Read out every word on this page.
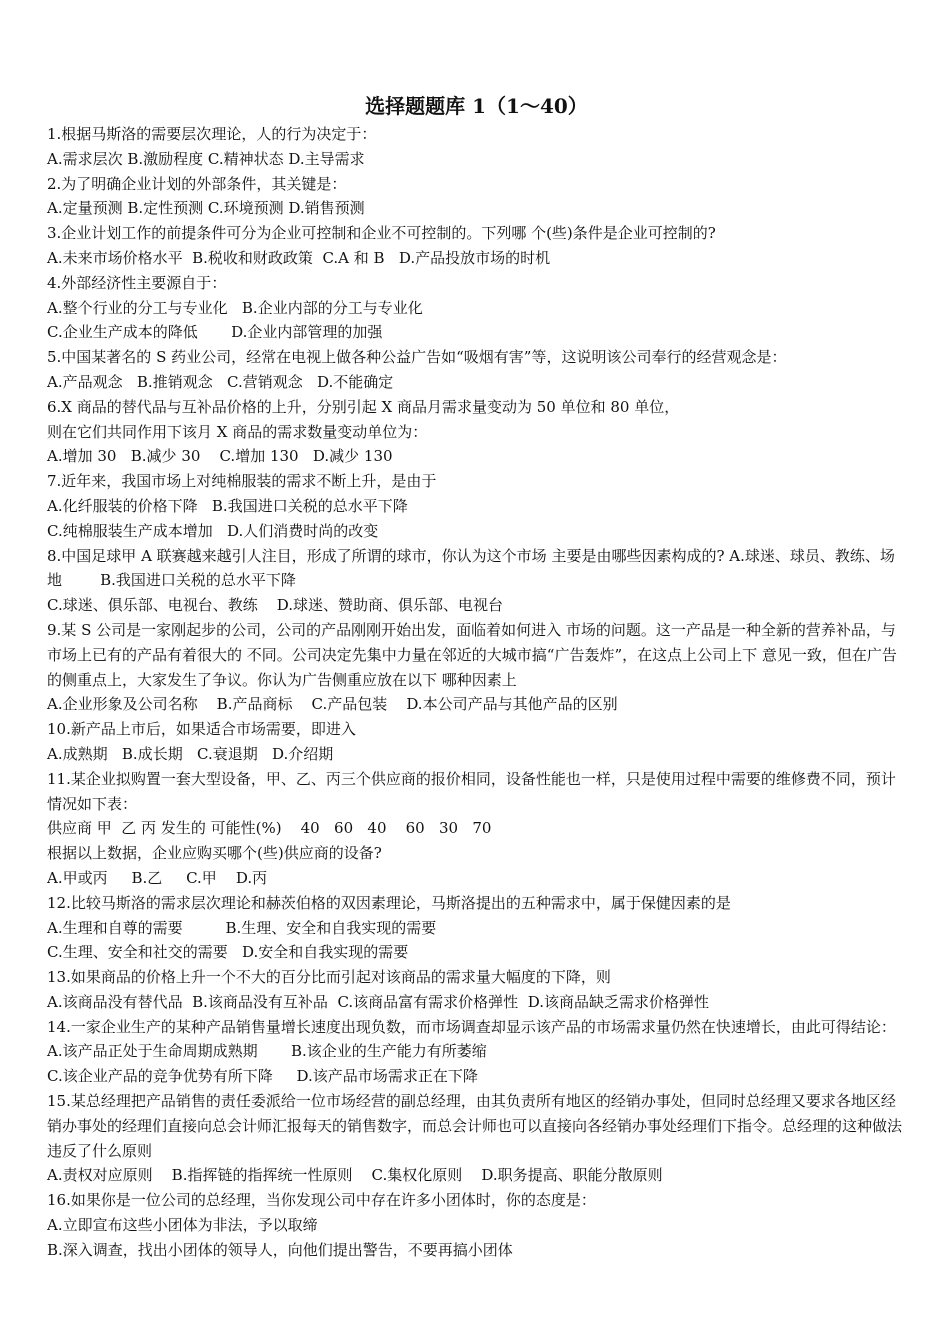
选择题题库 1（1～40）

1.根据马斯洛的需要层次理论，人的行为决定于：

A.需求层次 B.激励程度 C.精神状态 D.主导需求

2.为了明确企业计划的外部条件，其关键是：

A.定量预测 B.定性预测 C.环境预测 D.销售预测

3.企业计划工作的前提条件可分为企业可控制和企业不可控制的。下列哪 个(些)条件是企业可控制的?

A.未来市场价格水平  B.税收和财政政策  C.A 和 B   D.产品投放市场的时机

4.外部经济性主要源自于：

A.整个行业的分工与专业化   B.企业内部的分工与专业化

C.企业生产成本的降低       D.企业内部管理的加强

5.中国某著名的 S 药业公司，经常在电视上做各种公益广告如“吸烟有害”等，这说明该公司奉行的经营观念是：

A.产品观念   B.推销观念   C.营销观念   D.不能确定

6.X 商品的替代品与互补品价格的上升，分别引起 X 商品月需求量变动为 50 单位和 80 单位，

则在它们共同作用下该月 X 商品的需求数量变动单位为：

A.增加 30   B.减少 30    C.增加 130   D.减少 130

7.近年来，我国市场上对纯棉服装的需求不断上升，是由于

A.化纤服装的价格下降   B.我国进口关税的总水平下降

C.纯棉服装生产成本增加   D.人们消费时尚的改变

8.中国足球甲 A 联赛越来越引人注目，形成了所谓的球市，你认为这个市场 主要是由哪些因素构成的? A.球迷、球员、教练、场地        B.我国进口关税的总水平下降

C.球迷、俱乐部、电视台、教练    D.球迷、赞助商、俱乐部、电视台

9.某 S 公司是一家刚起步的公司，公司的产品刚刚开始出发，面临着如何进入 市场的问题。这一产品是一种全新的营养补品，与市场上已有的产品有着很大的 不同。公司决定先集中力量在邻近的大城市搞“广告轰炸”，在这点上公司上下 意见一致，但在广告的侧重点上，大家发生了争议。你认为广告侧重应放在以下 哪种因素上

A.企业形象及公司名称    B.产品商标    C.产品包装    D.本公司产品与其他产品的区别

10.新产品上市后，如果适合市场需要，即进入

A.成熟期   B.成长期   C.衰退期   D.介绍期

11.某企业拟购置一套大型设备，甲、乙、丙三个供应商的报价相同，设备性能也一样，只是使用过程中需要的维修费不同，预计情况如下表：

供应商 甲  乙 丙 发生的 可能性(%)    40   60   40    60   30   70

根据以上数据，企业应购买哪个(些)供应商的设备?

A.甲或丙     B.乙     C.甲    D.丙

12.比较马斯洛的需求层次理论和赫茨伯格的双因素理论，马斯洛提出的五种需求中，属于保健因素的是

A.生理和自尊的需要         B.生理、安全和自我实现的需要

C.生理、安全和社交的需要   D.安全和自我实现的需要

13.如果商品的价格上升一个不大的百分比而引起对该商品的需求量大幅度的下降，则

A.该商品没有替代品  B.该商品没有互补品  C.该商品富有需求价格弹性  D.该商品缺乏需求价格弹性

14.一家企业生产的某种产品销售量增长速度出现负数，而市场调查却显示该产品的市场需求量仍然在快速增长，由此可得结论：

A.该产品正处于生命周期成熟期       B.该企业的生产能力有所萎缩

C.该企业产品的竞争优势有所下降     D.该产品市场需求正在下降

15.某总经理把产品销售的责任委派给一位市场经营的副总经理，由其负责所有地区的经销办事处，但同时总经理又要求各地区经销办事处的经理们直接向总会计师汇报每天的销售数字，而总会计师也可以直接向各经销办事处经理们下指令。总经理的这种做法违反了什么原则

A.责权对应原则    B.指挥链的指挥统一性原则    C.集权化原则    D.职务提高、职能分散原则

16.如果你是一位公司的总经理，当你发现公司中存在许多小团体时，你的态度是：

A.立即宣布这些小团体为非法，予以取缔

B.深入调查，找出小团体的领导人，向他们提出警告，不要再搞小团体
